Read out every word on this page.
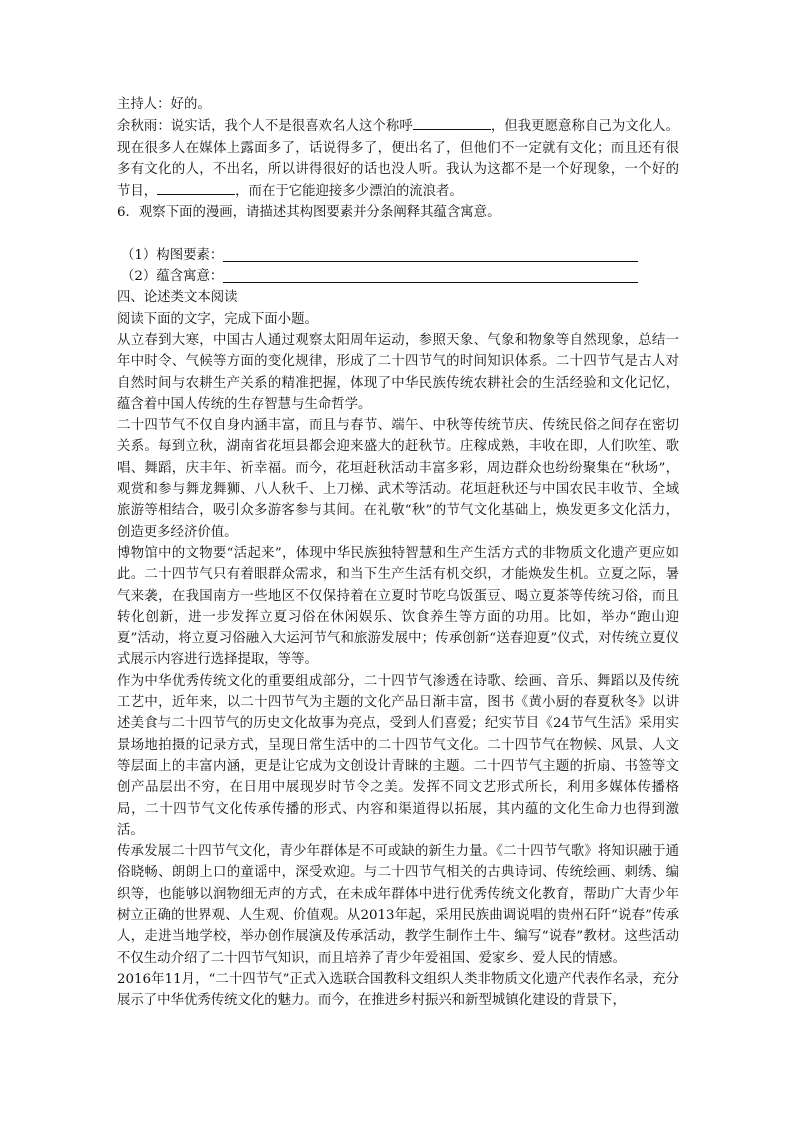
主持人：好的。

余秋雨：说实话，我个人不是很喜欢名人这个称呼	，但我更愿意称自己为文化人。现在很多人在媒体上露面多了，话说得多了，便出名了，但他们不一定就有文化；而且还有很多有文化的人，不出名，所以讲得很好的话也没人听。我认为这都不是一个好现象，一个好的节目，	，而在于它能迎接多少漂泊的流浪者。

6．观察下面的漫画，请描述其构图要素并分条阐释其蕴含寓意。

（1）构图要素：
（2）蕴含寓意：

四、论述类文本阅读

阅读下面的文字，完成下面小题。

从立春到大寒，中国古人通过观察太阳周年运动，参照天象、气象和物象等自然现象，总结一年中时令、气候等方面的变化规律，形成了二十四节气的时间知识体系。二十四节气是古人对自然时间与农耕生产关系的精准把握，体现了中华民族传统农耕社会的生活经验和文化记忆，蕴含着中国人传统的生存智慧与生命哲学。

二十四节气不仅自身内涵丰富，而且与春节、端午、中秋等传统节庆、传统民俗之间存在密切关系。每到立秋，湖南省花垣县都会迎来盛大的赶秋节。庄稼成熟，丰收在即，人们吹笙、歌唱、舞蹈，庆丰年、祈幸福。而今，花垣赶秋活动丰富多彩，周边群众也纷纷聚集在“秋场”，观赏和参与舞龙舞狮、八人秋千、上刀梯、武术等活动。花垣赶秋还与中国农民丰收节、全域旅游等相结合，吸引众多游客参与其间。在礼敬“秋”的节气文化基础上，焕发更多文化活力，创造更多经济价值。

博物馆中的文物要“活起来”，体现中华民族独特智慧和生产生活方式的非物质文化遗产更应如此。二十四节气只有着眼群众需求，和当下生产生活有机交织，才能焕发生机。立夏之际，暑气来袭，在我国南方一些地区不仅保持着在立夏时节吃乌饭蛋豆、喝立夏茶等传统习俗，而且转化创新，进一步发挥立夏习俗在休闲娱乐、饮食养生等方面的功用。比如，举办“跑山迎夏”活动，将立夏习俗融入大运河节气和旅游发展中；传承创新“送春迎夏”仪式，对传统立夏仪式展示内容进行选择提取，等等。

作为中华优秀传统文化的重要组成部分，二十四节气渗透在诗歌、绘画、音乐、舞蹈以及传统工艺中，近年来，以二十四节气为主题的文化产品日渐丰富，图书《黄小厨的春夏秋冬》以讲述美食与二十四节气的历史文化故事为亮点，受到人们喜爱；纪实节目《24节气生活》采用实景场地拍摄的记录方式，呈现日常生活中的二十四节气文化。二十四节气在物候、风景、人文等层面上的丰富内涵，更是让它成为文创设计青睐的主题。二十四节气主题的折扇、书签等文创产品层出不穷，在日用中展现岁时节令之美。发挥不同文艺形式所长，利用多媒体传播格局，二十四节气文化传承传播的形式、内容和渠道得以拓展，其内蕴的文化生命力也得到激活。

传承发展二十四节气文化，青少年群体是不可或缺的新生力量。《二十四节气歌》将知识融于通俗晓畅、朗朗上口的童谣中，深受欢迎。与二十四节气相关的古典诗词、传统绘画、刺绣、编织等，也能够以润物细无声的方式，在未成年群体中进行优秀传统文化教育，帮助广大青少年树立正确的世界观、人生观、价值观。从2013年起，采用民族曲调说唱的贵州石阡“说春”传承人，走进当地学校，举办创作展演及传承活动，教学生制作土牛、编写“说春”教材。这些活动不仅生动介绍了二十四节气知识，而且培养了青少年爱祖国、爱家乡、爱人民的情感。

2016年11月，“二十四节气”正式入选联合国教科文组织人类非物质文化遗产代表作名录，充分展示了中华优秀传统文化的魅力。而今，在推进乡村振兴和新型城镇化建设的背景下，
